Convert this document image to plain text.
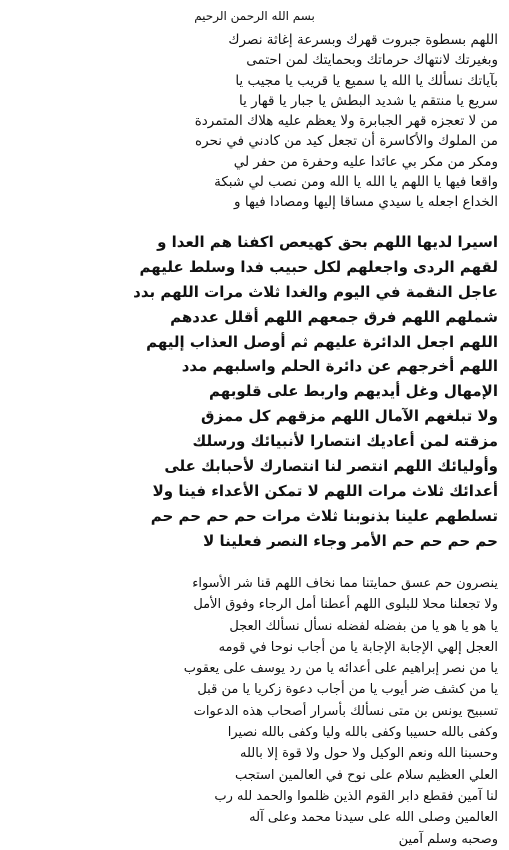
بسم الله الرحمن الرحيم
اللهم بسطوة جبروت قهرك وبسرعة إغاثة نصرك
وبغيرتك لانتهاك حرماتك وبحمايتك لمن احتمى
بآياتك نسألك يا الله يا سميع يا قريب يا مجيب يا
سريع يا منتقم يا شديد البطش يا جبار يا قهار يا
من لا تعجزه قهر الجبابرة ولا يعظم عليه هلاك المتمردة
من الملوك والأكاسرة أن تجعل كيد من كادني في نحره
ومكر من مكر بي عائدا عليه وحفرة من حفر لي
واقعا فيها يا اللهم يا الله يا الله ومن نصب لي شبكة
الخداع اجعله يا سيدي مساقا إليها ومصادا فيها و
اسيرا لديها اللهم بحق كهيعص اكفنا هم العدا و
لقهم الردى واجعلهم لكل حبيب فدا وسلط عليهم
عاجل النقمة في اليوم والغدا ثلاث مرات اللهم بدد
شملهم اللهم فرق جمعهم اللهم أقلل عددهم
اللهم اجعل الدائرة عليهم ثم أوصل العذاب إليهم
اللهم أخرجهم عن دائرة الحلم واسلبهم مدد
الإمهال وغل أيديهم واربط على قلوبهم
ولا تبلغهم الآمال اللهم مزقهم كل ممزق
مزقته لمن أعاديك انتصارا لأنبيائك ورسلك
وأوليائك اللهم انتصر لنا انتصارك لأحبابك على
أعدائك ثلاث مرات اللهم لا تمكن الأعداء فينا ولا
تسلطهم علينا بذنوبنا ثلاث مرات حم حم حم حم
حم حم حم حم الأمر وجاء النصر فعلينا لا
ينصرون حم عسق حمايتنا مما نخاف اللهم قنا شر الأسواء
ولا تجعلنا محلا للبلوى اللهم أعطنا أمل الرجاء وفوق الأمل
يا هو يا هو يا من بفضله لفضله نسأل نسألك العجل
العجل إلهي الإجابة الإجابة يا من أجاب نوحا في قومه
يا من نصر إبراهيم على أعدائه يا من رد يوسف على يعقوب
يا من كشف ضر أيوب يا من أجاب دعوة زكريا يا من قبل
تسبيح يونس بن متى نسألك بأسرار أصحاب هذه الدعوات
وكفى بالله حسيبا وكفى بالله وليا وكفى بالله نصيرا
وحسبنا الله ونعم الوكيل ولا حول ولا قوة إلا بالله
العلي العظيم سلام على نوح في العالمين استجب
لنا آمين فقطع دابر القوم الذين ظلموا والحمد لله رب
العالمين وصلى الله على سيدنا محمد وعلى آله
وصحبه وسلم آمين
